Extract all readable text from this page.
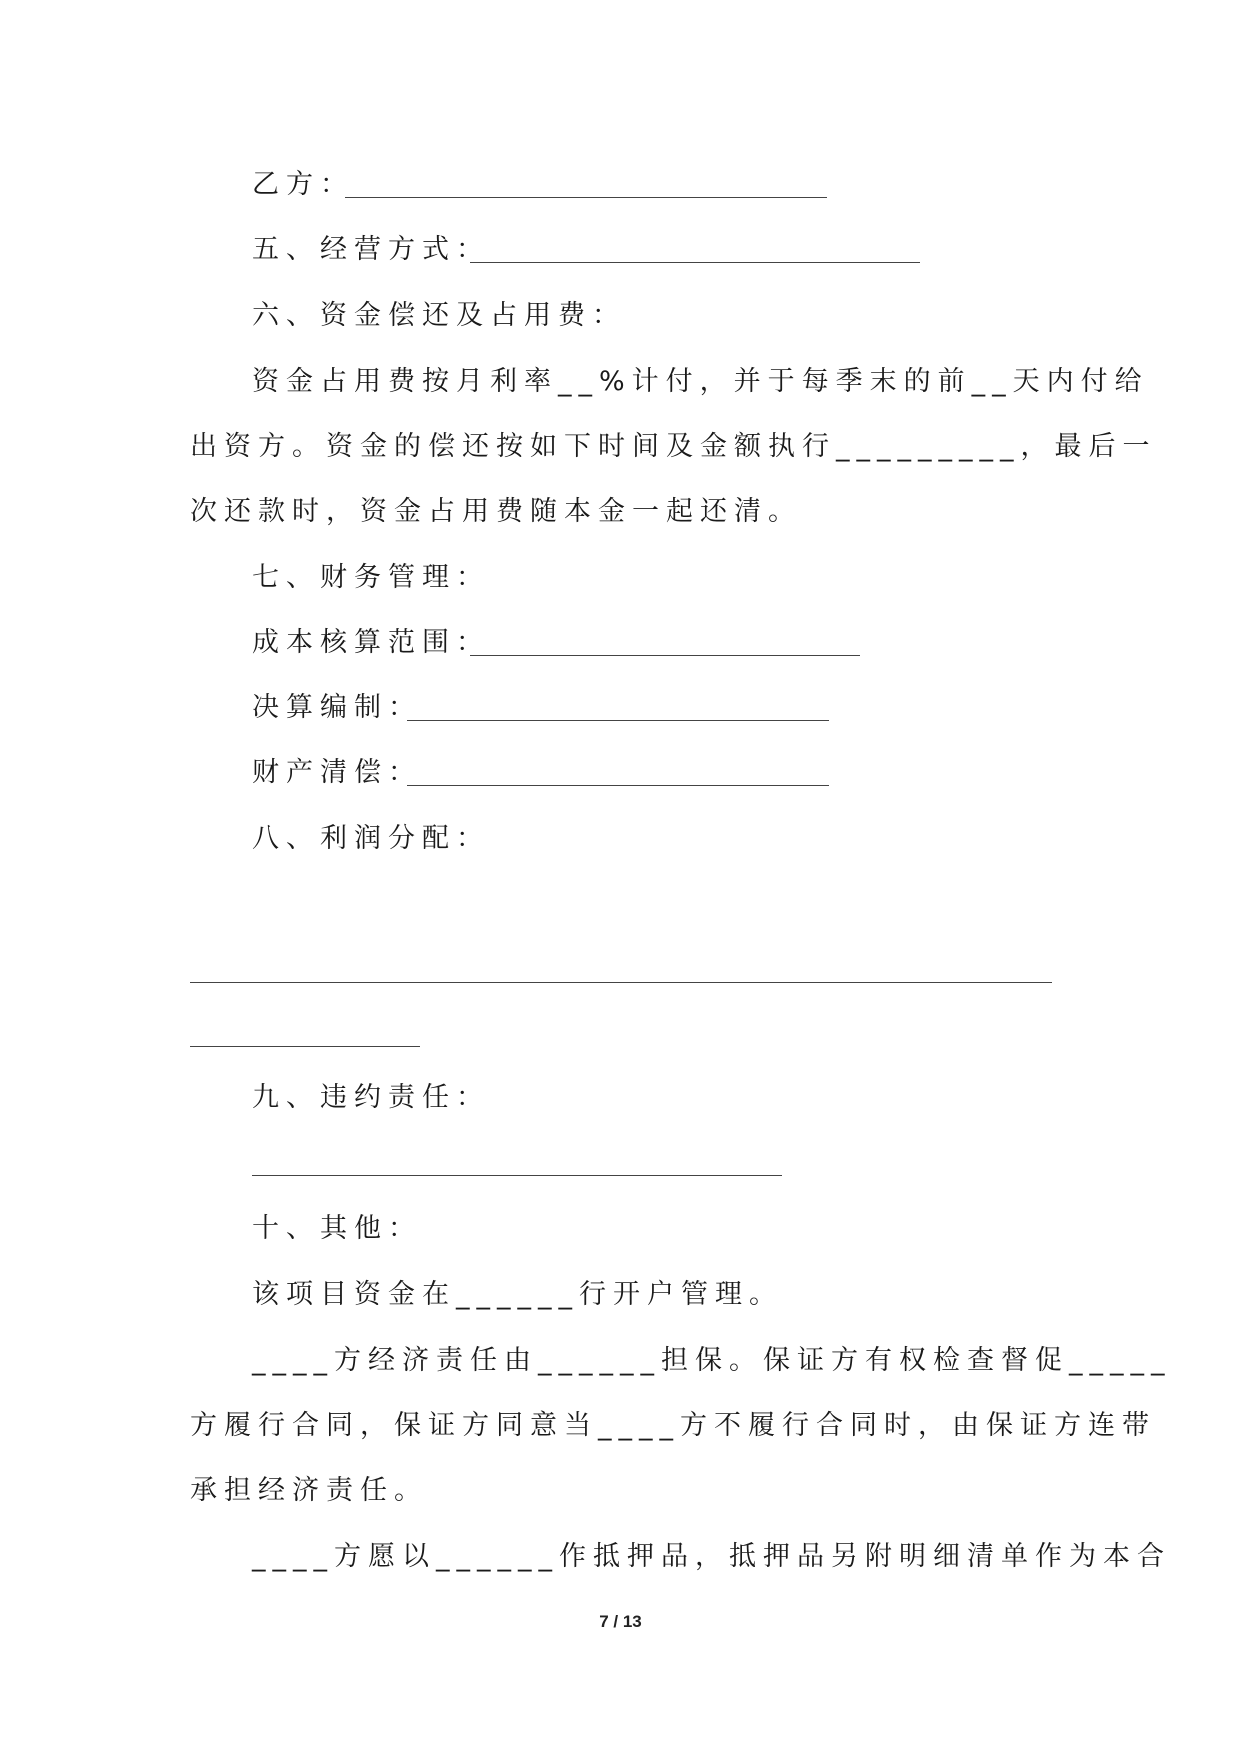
乙方：
五、经营方式：
六、资金偿还及占用费：
资金占用费按月利率__%计付，并于每季末的前__天内付给
出资方。资金的偿还按如下时间及金额执行_________，最后一
次还款时，资金占用费随本金一起还清。
七、财务管理：
成本核算范围：
决算编制：
财产清偿：
八、利润分配：
九、违约责任：
十、其他：
该项目资金在______行开户管理。
____方经济责任由______担保。保证方有权检查督促_____
方履行合同，保证方同意当____方不履行合同时，由保证方连带
承担经济责任。
____方愿以______作抵押品，抵押品另附明细清单作为本合
7 / 13
